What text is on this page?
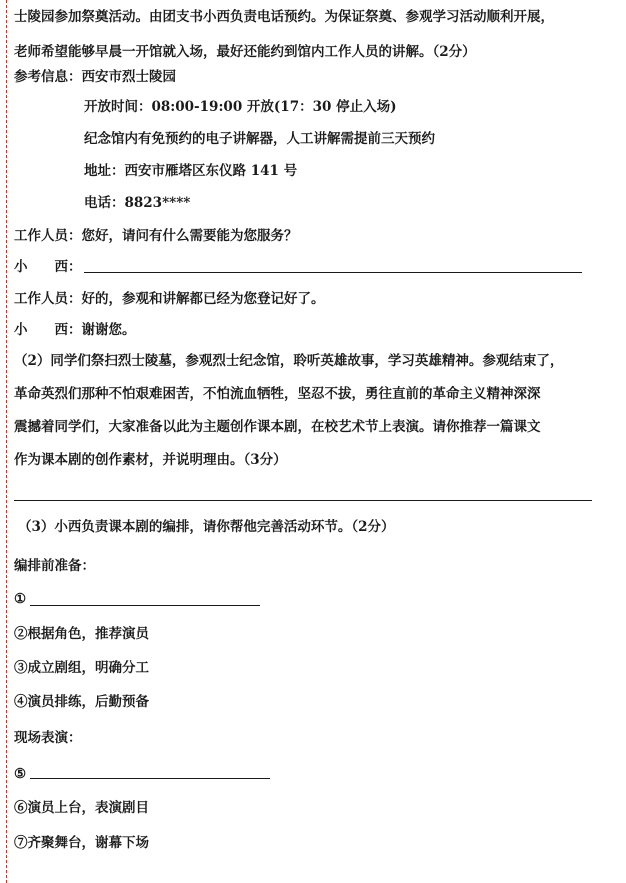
士陵园参加祭奠活动。由团支书小西负责电话预约。为保证祭奠、参观学习活动顺利开展，
老师希望能够早晨一开馆就入场，最好还能约到馆内工作人员的讲解。（2分）
参考信息：西安市烈士陵园
开放时间：08:00-19:00 开放(17：30 停止入场)
纪念馆内有免预约的电子讲解器，人工讲解需提前三天预约
地址：西安市雁塔区东仪路 141 号
电话：8823****
工作人员：您好，请问有什么需要能为您服务？
小　　西：
工作人员：好的，参观和讲解都已经为您登记好了。
小　　西：谢谢您。
（2）同学们祭扫烈士陵墓，参观烈士纪念馆，聆听英雄故事，学习英雄精神。参观结束了，
革命英烈们那种不怕艰难困苦，不怕流血牺牲，坚忍不拔，勇往直前的革命主义精神深深
震撼着同学们，大家准备以此为主题创作课本剧，在校艺术节上表演。请你推荐一篇课文
作为课本剧的创作素材，并说明理由。（3分）
（3）小西负责课本剧的编排，请你帮他完善活动环节。（2分）
编排前准备：
①
②根据角色，推荐演员
③成立剧组，明确分工
④演员排练，后勤预备
现场表演：
⑤
⑥演员上台，表演剧目
⑦齐聚舞台，谢幕下场
